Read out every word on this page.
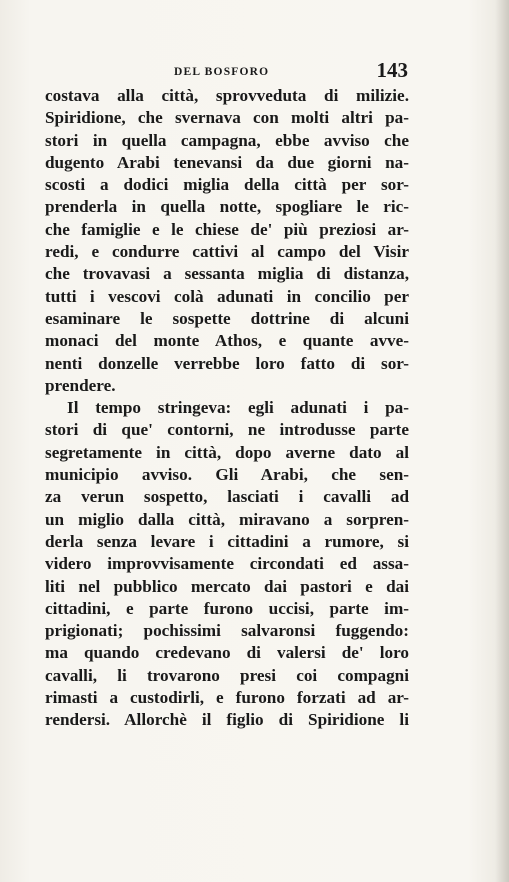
DEL BOSFORO	143
costava alla città, sprovveduta di milizie.
Spiridione, che svernava con molti altri pa-
stori in quella campagna, ebbe avviso che
dugento Arabi tenevansi da due giorni na-
scosti a dodici miglia della città per sor-
prenderla in quella notte, spogliare le ric-
che famiglie e le chiese de' più preziosi ar-
redi, e condurre cattivi al campo del Visir
che trovavasi a sessanta miglia di distanza,
tutti i vescovi colà adunati in concilio per
esaminare le sospette dottrine di alcuni
monaci del monte Athos, e quante avve-
nenti donzelle verrebbe loro fatto di sor-
prendere.
Il tempo stringeva: egli adunati i pa-
stori di que' contorni, ne introdusse parte
segretamente in città, dopo averne dato al
municipio avviso. Gli Arabi, che sen-
za verun sospetto, lasciati i cavalli ad
un miglio dalla città, miravano a sorpren-
derla senza levare i cittadini a rumore, si
videro improvvisamente circondati ed assa-
liti nel pubblico mercato dai pastori e dai
cittadini, e parte furono uccisi, parte im-
prigionati; pochissimi salvaronsi fuggendo:
ma quando credevano di valersi de' loro
cavalli, li trovarono presi coi compagni
rimasti a custodirli, e furono forzati ad ar-
rendersi. Allorchè il figlio di Spiridione li
